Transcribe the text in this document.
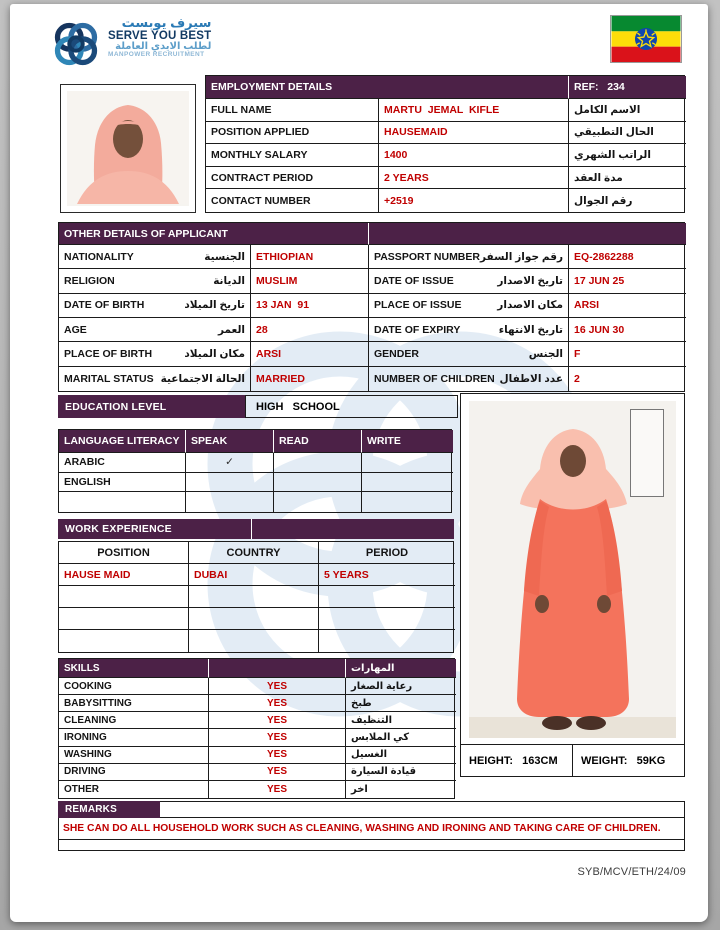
سيرف يوبست
SERVE YOU BEST
لطلب الايدي العاملة
MANPOWER RECRUITMENT
EMPLOYMENT DETAILS	REF:   234
FULL NAME	MARTU  JEMAL  KIFLE	الاسم الكامل
POSITION APPLIED	HAUSEMAID	الحال التطبيقي
MONTHLY SALARY	1400	الراتب الشهري
CONTRACT PERIOD	2 YEARS	مدة العقد
CONTACT NUMBER	+2519	رقم الجوال
OTHER DETAILS OF APPLICANT
NATIONALITY	الجنسية	ETHIOPIAN	PASSPORT NUMBER رقم جواز السفر	EQ-2862288
RELIGION	الديانة	MUSLIM	DATE OF ISSUE	تاريخ الاصدار	17 JUN 25
DATE OF BIRTH	تاريخ الميلاد	13 JAN  91	PLACE OF ISSUE	مكان الاصدار	ARSI
AGE	العمر	28	DATE OF EXPIRY	تاريخ الانتهاء	16 JUN 30
PLACE OF BIRTH	مكان الميلاد	ARSI	GENDER	الجنس	F
MARITAL STATUS الحالة الاجتماعية	MARRIED	NUMBER OF CHILDREN عدد الاطفال	2
EDUCATION LEVEL	HIGH   SCHOOL
LANGUAGE LITERACY	SPEAK	READ	WRITE
ARABIC	✓
ENGLISH
WORK EXPERIENCE
POSITION	COUNTRY	PERIOD
HAUSE MAID	DUBAI	5 YEARS
SKILLS	المهارات
COOKING	YES	رعاية الصغار
BABYSITTING	YES	طبخ
CLEANING	YES	التنظيف
IRONING	YES	كي الملابس
WASHING	YES	الغسيل
DRIVING	YES	قيادة السيارة
OTHER	YES	اخر
REMARKS
SHE CAN DO ALL HOUSEHOLD WORK SUCH AS CLEANING, WASHING AND IRONING AND TAKING CARE OF CHILDREN.
HEIGHT:   163CM	WEIGHT:   59KG
SYB/MCV/ETH/24/09
